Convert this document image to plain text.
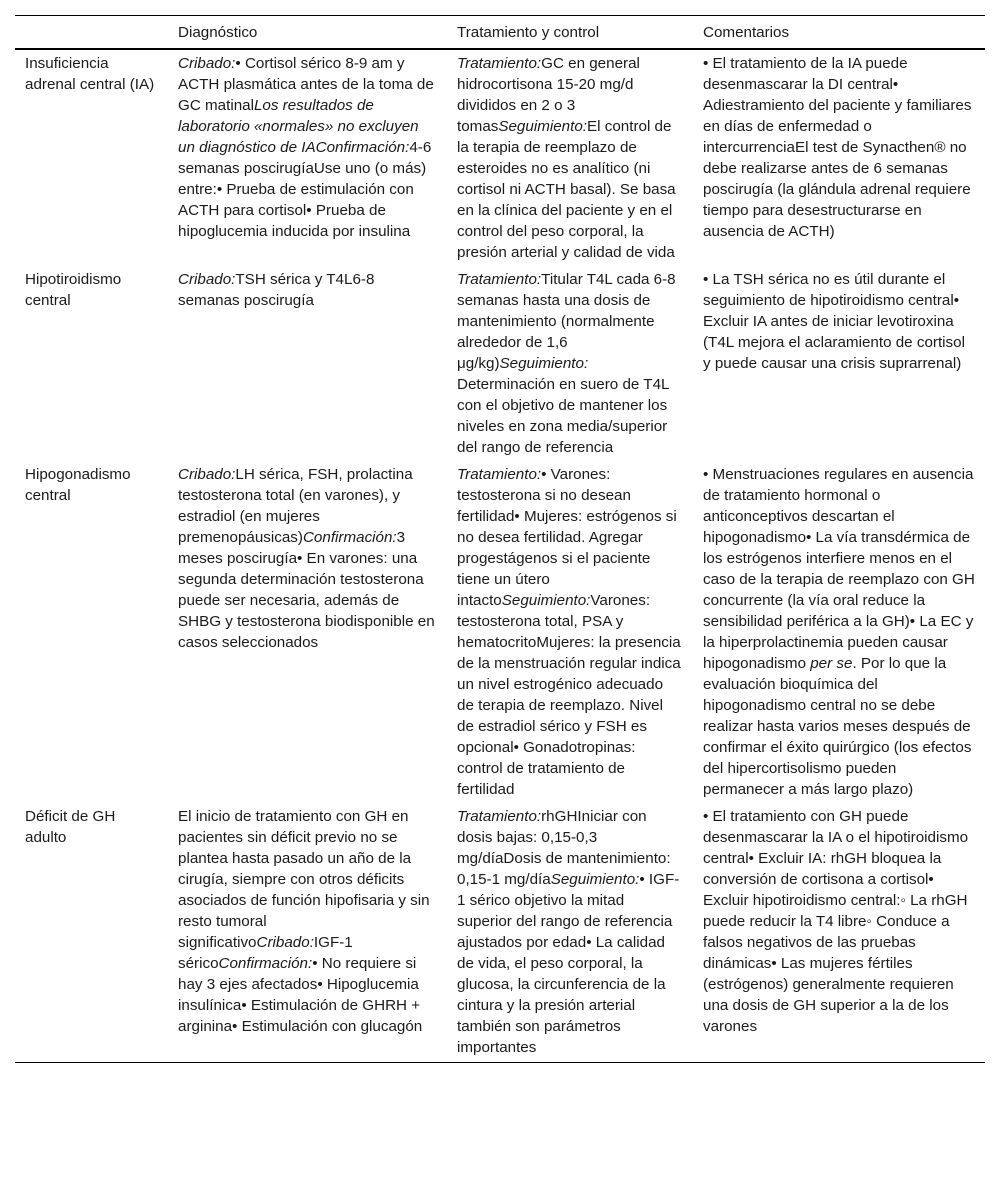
	Diagnóstico	Tratamiento y control	Comentarios
Insuficiencia adrenal central (IA)	Cribado:• Cortisol sérico 8-9 am y ACTH plasmática antes de la toma de GC matinalLos resultados de laboratorio «normales» no excluyen un diagnóstico de IAConfirmación:4-6 semanas poscirugíaUse uno (o más) entre:• Prueba de estimulación con ACTH para cortisol• Prueba de hipoglucemia inducida por insulina	Tratamiento:GC en general hidrocortisona 15-20 mg/d divididos en 2 o 3 tomasSeguimiento:El control de la terapia de reemplazo de esteroides no es analítico (ni cortisol ni ACTH basal). Se basa en la clínica del paciente y en el control del peso corporal, la presión arterial y calidad de vida	• El tratamiento de la IA puede desenmascarar la DI central• Adiestramiento del paciente y familiares en días de enfermedad o intercurrenciaEl test de Synacthen® no debe realizarse antes de 6 semanas poscirugía (la glándula adrenal requiere tiempo para desestructurarse en ausencia de ACTH)
Hipotiroidismo central	Cribado:TSH sérica y T4L6-8 semanas poscirugía	Tratamiento:Titular T4L cada 6-8 semanas hasta una dosis de mantenimiento (normalmente alrededor de 1,6 μg/kg)Seguimiento: Determinación en suero de T4L con el objetivo de mantener los niveles en zona media/superior del rango de referencia	• La TSH sérica no es útil durante el seguimiento de hipotiroidismo central• Excluir IA antes de iniciar levotiroxina (T4L mejora el aclaramiento de cortisol y puede causar una crisis suprarrenal)
Hipogonadismo central	Cribado:LH sérica, FSH, prolactina testosterona total (en varones), y estradiol (en mujeres premenopáusicas)Confirmación:3 meses poscirugía• En varones: una segunda determinación testosterona puede ser necesaria, además de SHBG y testosterona biodisponible en casos seleccionados	Tratamiento:• Varones: testosterona si no desean fertilidad• Mujeres: estrógenos si no desea fertilidad. Agregar progestágenos si el paciente tiene un útero intactoSeguimiento:Varones: testosterona total, PSA y hematocritoMujeres: la presencia de la menstruación regular indica un nivel estrogénico adecuado de terapia de reemplazo. Nivel de estradiol sérico y FSH es opcional• Gonadotropinas: control de tratamiento de fertilidad	• Menstruaciones regulares en ausencia de tratamiento hormonal o anticonceptivos descartan el hipogonadismo• La vía transdérmica de los estrógenos interfiere menos en el caso de la terapia de reemplazo con GH concurrente (la vía oral reduce la sensibilidad periférica a la GH)• La EC y la hiperprolactinemia pueden causar hipogonadismo per se. Por lo que la evaluación bioquímica del hipogonadismo central no se debe realizar hasta varios meses después de confirmar el éxito quirúrgico (los efectos del hipercortisolismo pueden permanecer a más largo plazo)
Déficit de GH adulto	El inicio de tratamiento con GH en pacientes sin déficit previo no se plantea hasta pasado un año de la cirugía, siempre con otros déficits asociados de función hipofisaria y sin resto tumoral significativoCribado:IGF-1 séricoConfirmación:• No requiere si hay 3 ejes afectados• Hipoglucemia insulínica• Estimulación de GHRH + arginina• Estimulación con glucagón	Tratamiento:rhGHIniciar con dosis bajas: 0,15-0,3 mg/díaDosis de mantenimiento: 0,15-1 mg/díaSeguimiento:• IGF-1 sérico objetivo la mitad superior del rango de referencia ajustados por edad• La calidad de vida, el peso corporal, la glucosa, la circunferencia de la cintura y la presión arterial también son parámetros importantes	• El tratamiento con GH puede desenmascarar la IA o el hipotiroidismo central• Excluir IA: rhGH bloquea la conversión de cortisona a cortisol• Excluir hipotiroidismo central:◦ La rhGH puede reducir la T4 libre◦ Conduce a falsos negativos de las pruebas dinámicas• Las mujeres fértiles (estrógenos) generalmente requieren una dosis de GH superior a la de los varones
